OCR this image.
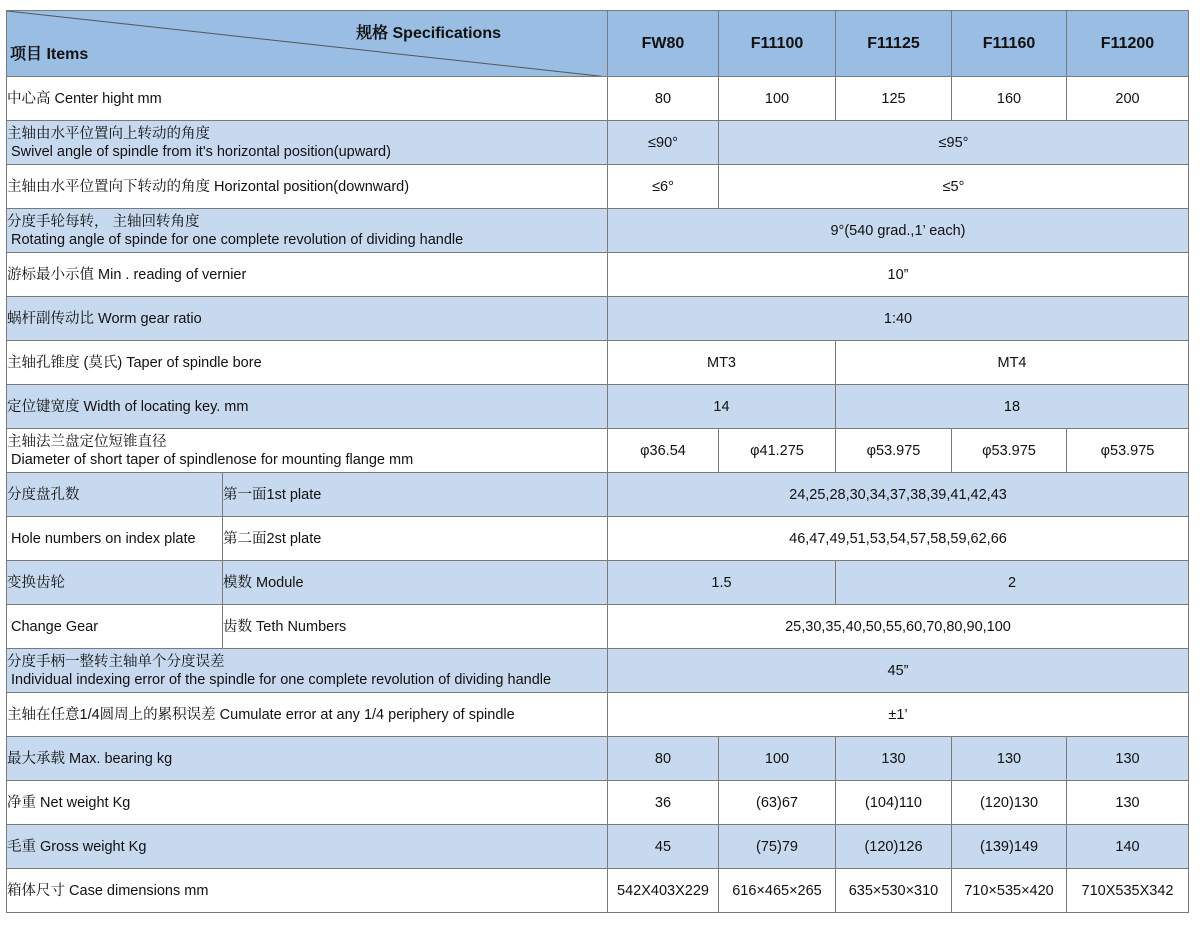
规格 Specifications
项目 Items		FW80	F11100	F11125	F11160	F11200
中心高 Center hight mm		80	100	125	160	200

主轴由水平位置向上转动的角度
Swivel angle of spindle from it's horizontal position(upward)		≤90°	≤95°			
主轴由水平位置向下转动的角度 Horizontal position(downward)		≤6°	≤5°			

分度手轮每转， 主轴回转角度
Rotating angle of spinde for one complete revolution of dividing handle		9°(540 grad.,1’ each)				
游标最小示值 Min . reading of vernier		10”				
蜗杆副传动比 Worm gear ratio		1:40				
主轴孔锥度 (莫氏) Taper of spindle bore		MT3		MT4		
定位键宽度 Width of locating key. mm		14		18		

主轴法兰盘定位短锥直径
Diameter of short taper of spindlenose for mounting flange mm		φ36.54	φ41.275	φ53.975	φ53.975	φ53.975
分度盘孔数	第一面1st plate	24,25,28,30,34,37,38,39,41,42,43				
Hole numbers on index plate	第二面2st plate	46,47,49,51,53,54,57,58,59,62,66				
变换齿轮	模数 Module	1.5		2		
Change Gear	齿数 Teth Numbers	25,30,35,40,50,55,60,70,80,90,100				

分度手柄一整转主轴单个分度误差
Individual indexing error of the spindle for one complete revolution of dividing handle		45”				
主轴在任意1/4圆周上的累积误差 Cumulate error at any 1/4 periphery of spindle		±1’				
最大承载 Max. bearing kg		80	100	130	130	130
净重 Net weight Kg		36	(63)67	(104)110	(120)130	130
毛重 Gross weight Kg		45	(75)79	(120)126	(139)149	140
箱体尺寸 Case dimensions mm		542X403X229	616×465×265	635×530×310	710×535×420	710X535X342
